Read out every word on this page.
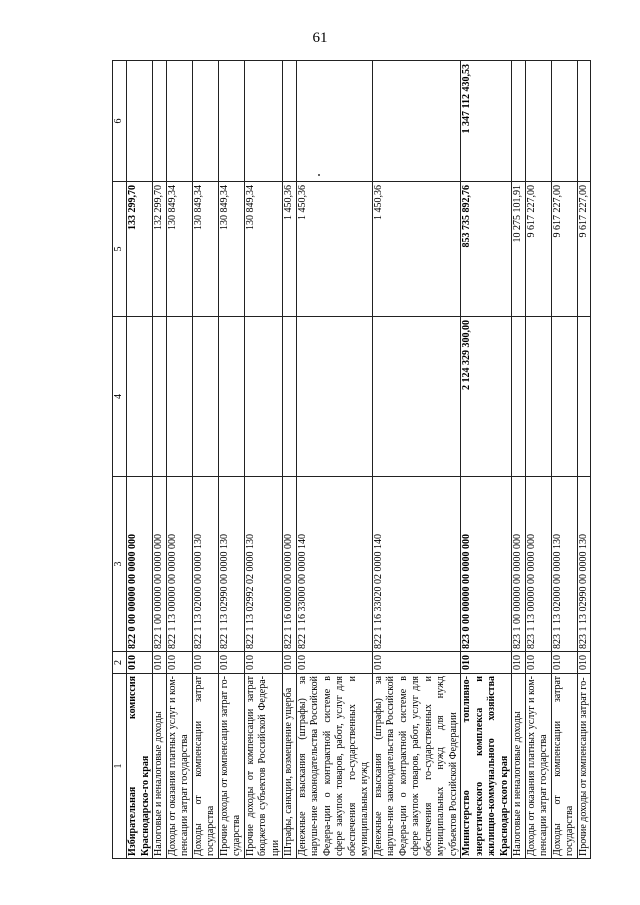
61
1	2	3	4	5	6
Избирательная комиссия Краснодарско-го края	010	822 0 00 00000 00 0000 000		133 299,70	
Налоговые и неналоговые доходы	010	822 1 00 00000 00 0000 000		132 299,70	
Доходы от оказания платных услуг и ком-пенсации затрат государства	010	822 1 13 00000 00 0000 000		130 849,34	
Доходы от компенсации затрат государства	010	822 1 13 02000 00 0000 130		130 849,34	
Прочие доходы от компенсации затрат го-сударства	010	822 1 13 02990 00 0000 130		130 849,34	
Прочие доходы от компенсации затрат бюджетов субъектов Российской Федера-ции	010	822 1 13 02992 02 0000 130		130 849,34	
Штрафы, санкции, возмещение ущерба	010	822 1 16 00000 00 0000 000		1 450,36	
Денежные взыскания (штрафы) за наруше-ние законодательства Российской Федера-ции о контрактной системе в сфере закупок товаров, работ, услуг для обеспечения го-сударственных и муниципальных нужд	010	822 1 16 33000 00 0000 140		1 450,36	
Денежные взыскания (штрафы) за наруше-ние законодательства Российской Федера-ции о контрактной системе в сфере закупок товаров, работ, услуг для обеспечения го-сударственных и муниципальных нужд для нужд субъектов Российской Федерации	010	822 1 16 33020 02 0000 140		1 450,36	
Министерство топливно-энергетического комплекса и жилищно-коммунального хозяйства Краснодар-ского края	010	823 0 00 00000 00 0000 000	2 124 329 300,00	853 735 892,76	1 347 112 430,53
Налоговые и неналоговые доходы	010	823 1 00 00000 00 0000 000		10 275 101,91	
Доходы от оказания платных услуг и ком-пенсации затрат государства	010	823 1 13 00000 00 0000 000		9 617 227,00	
Доходы от компенсации затрат государства	010	823 1 13 02000 00 0000 130		9 617 227,00	
Прочие доходы от компенсации затрат го-	010	823 1 13 02990 00 0000 130		9 617 227,00	
